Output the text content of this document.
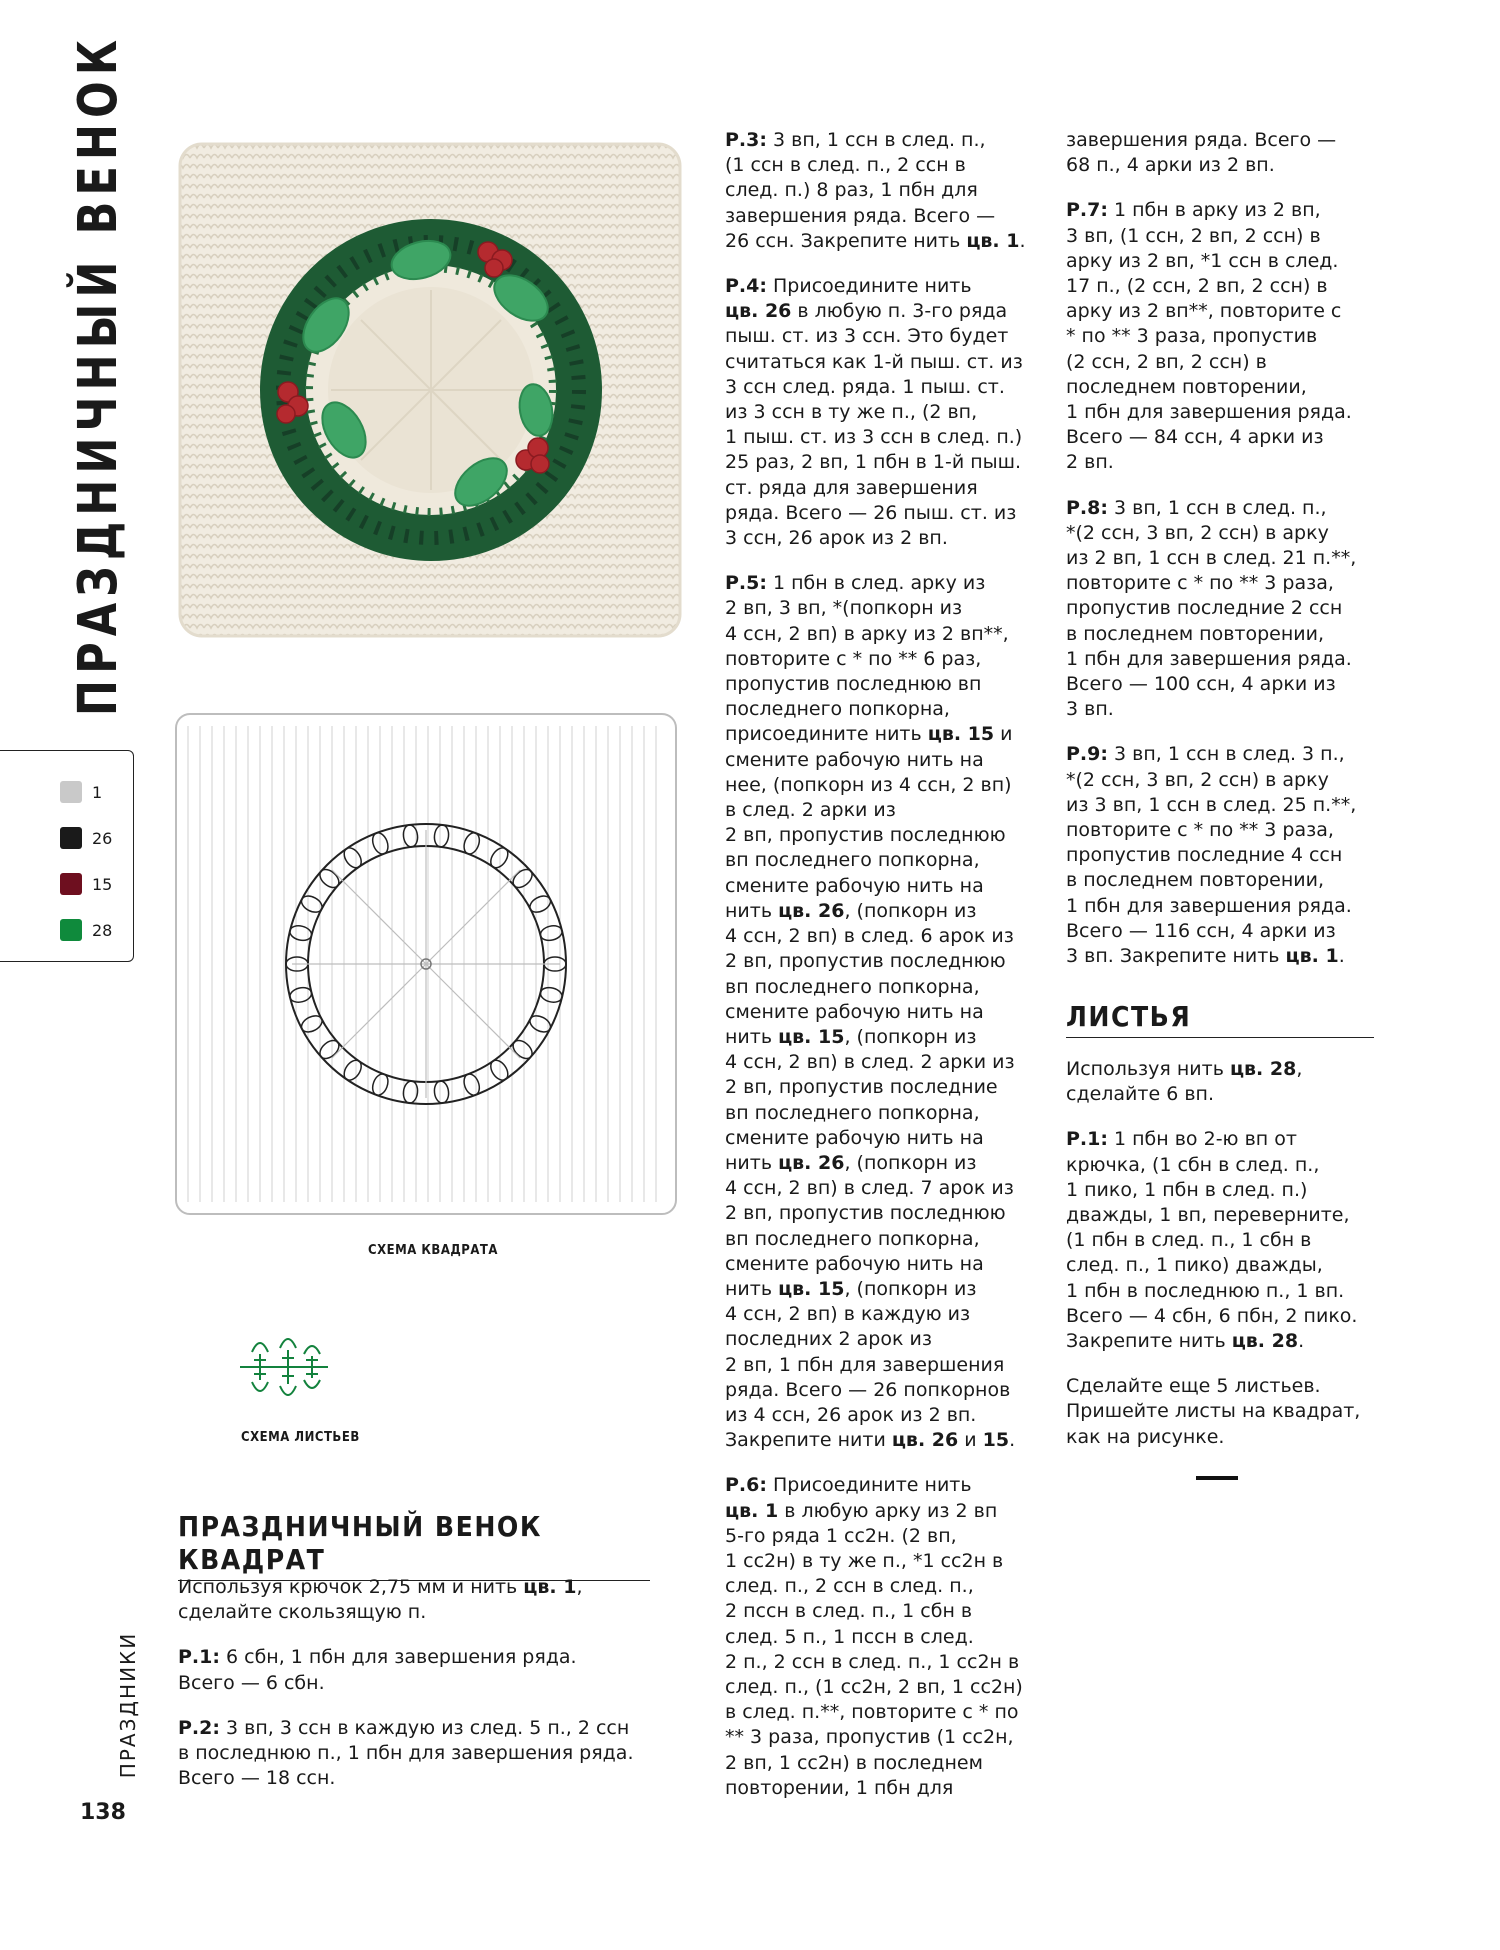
ПРАЗДНИЧНЫЙ ВЕНОК
1
26
15
28
СХЕМА КВАДРАТА
СХЕМА ЛИСТЬЕВ
ПРАЗДНИЧНЫЙ ВЕНОК КВАДРАТ

Используя крючок 2,75 мм и нить цв. 1,
сделайте скользящую п.

Р.1: 6 сбн, 1 пбн для завершения ряда.
Всего — 6 сбн.

Р.2: 3 вп, 3 ссн в каждую из след. 5 п., 2 ссн
в последнюю п., 1 пбн для завершения ряда.
Всего — 18 ссн.

Р.3: 3 вп, 1 ссн в след. п.,
(1 ссн в след. п., 2 ссн в
след. п.) 8 раз, 1 пбн для
завершения ряда. Всего —
26 ссн. Закрепите нить цв. 1.

Р.4: Присоедините нить
цв. 26 в любую п. 3-го ряда
пыш. ст. из 3 ссн. Это будет
считаться как 1-й пыш. ст. из
3 ссн след. ряда. 1 пыш. ст.
из 3 ссн в ту же п., (2 вп,
1 пыш. ст. из 3 ссн в след. п.)
25 раз, 2 вп, 1 пбн в 1-й пыш.
ст. ряда для завершения
ряда. Всего — 26 пыш. ст. из
3 ссн, 26 арок из 2 вп.

Р.5: 1 пбн в след. арку из
2 вп, 3 вп, *(попкорн из
4 ссн, 2 вп) в арку из 2 вп**,
повторите с * по ** 6 раз,
пропустив последнюю вп
последнего попкорна,
присоедините нить цв. 15 и
смените рабочую нить на
нее, (попкорн из 4 ссн, 2 вп)
в след. 2 арки из
2 вп, пропустив последнюю
вп последнего попкорна,
смените рабочую нить на
нить цв. 26, (попкорн из
4 ссн, 2 вп) в след. 6 арок из
2 вп, пропустив последнюю
вп последнего попкорна,
смените рабочую нить на
нить цв. 15, (попкорн из
4 ссн, 2 вп) в след. 2 арки из
2 вп, пропустив последние
вп последнего попкорна,
смените рабочую нить на
нить цв. 26, (попкорн из
4 ссн, 2 вп) в след. 7 арок из
2 вп, пропустив последнюю
вп последнего попкорна,
смените рабочую нить на
нить цв. 15, (попкорн из
4 ссн, 2 вп) в каждую из
последних 2 арок из
2 вп, 1 пбн для завершения
ряда. Всего — 26 попкорнов
из 4 ссн, 26 арок из 2 вп.
Закрепите нити цв. 26 и 15.

Р.6: Присоедините нить
цв. 1 в любую арку из 2 вп
5-го ряда 1 сс2н. (2 вп,
1 сс2н) в ту же п., *1 сс2н в
след. п., 2 ссн в след. п.,
2 пссн в след. п., 1 сбн в
след. 5 п., 1 пссн в след.
2 п., 2 ссн в след. п., 1 сс2н в
след. п., (1 сс2н, 2 вп, 1 сс2н)
в след. п.**, повторите с * по
** 3 раза, пропустив (1 сс2н,
2 вп, 1 сс2н) в последнем
повторении, 1 пбн для

завершения ряда. Всего —
68 п., 4 арки из 2 вп.

Р.7: 1 пбн в арку из 2 вп,
3 вп, (1 ссн, 2 вп, 2 ссн) в
арку из 2 вп, *1 ссн в след.
17 п., (2 ссн, 2 вп, 2 ссн) в
арку из 2 вп**, повторите с
* по ** 3 раза, пропустив
(2 ссн, 2 вп, 2 ссн) в
последнем повторении,
1 пбн для завершения ряда.
Всего — 84 ссн, 4 арки из
2 вп.

Р.8: 3 вп, 1 ссн в след. п.,
*(2 ссн, 3 вп, 2 ссн) в арку
из 2 вп, 1 ссн в след. 21 п.**,
повторите с * по ** 3 раза,
пропустив последние 2 ссн
в последнем повторении,
1 пбн для завершения ряда.
Всего — 100 ссн, 4 арки из
3 вп.

Р.9: 3 вп, 1 ссн в след. 3 п.,
*(2 ссн, 3 вп, 2 ссн) в арку
из 3 вп, 1 ссн в след. 25 п.**,
повторите с * по ** 3 раза,
пропустив последние 4 ссн
в последнем повторении,
1 пбн для завершения ряда.
Всего — 116 ссн, 4 арки из
3 вп. Закрепите нить цв. 1.

ЛИСТЬЯ

Используя нить цв. 28,
сделайте 6 вп.

Р.1: 1 пбн во 2-ю вп от
крючка, (1 сбн в след. п.,
1 пико, 1 пбн в след. п.)
дважды, 1 вп, переверните,
(1 пбн в след. п., 1 сбн в
след. п., 1 пико) дважды,
1 пбн в последнюю п., 1 вп.
Всего — 4 сбн, 6 пбн, 2 пико.
Закрепите нить цв. 28.

Сделайте еще 5 листьев.
Пришейте листы на квадрат,
как на рисунке.

ПРАЗДНИКИ
138
